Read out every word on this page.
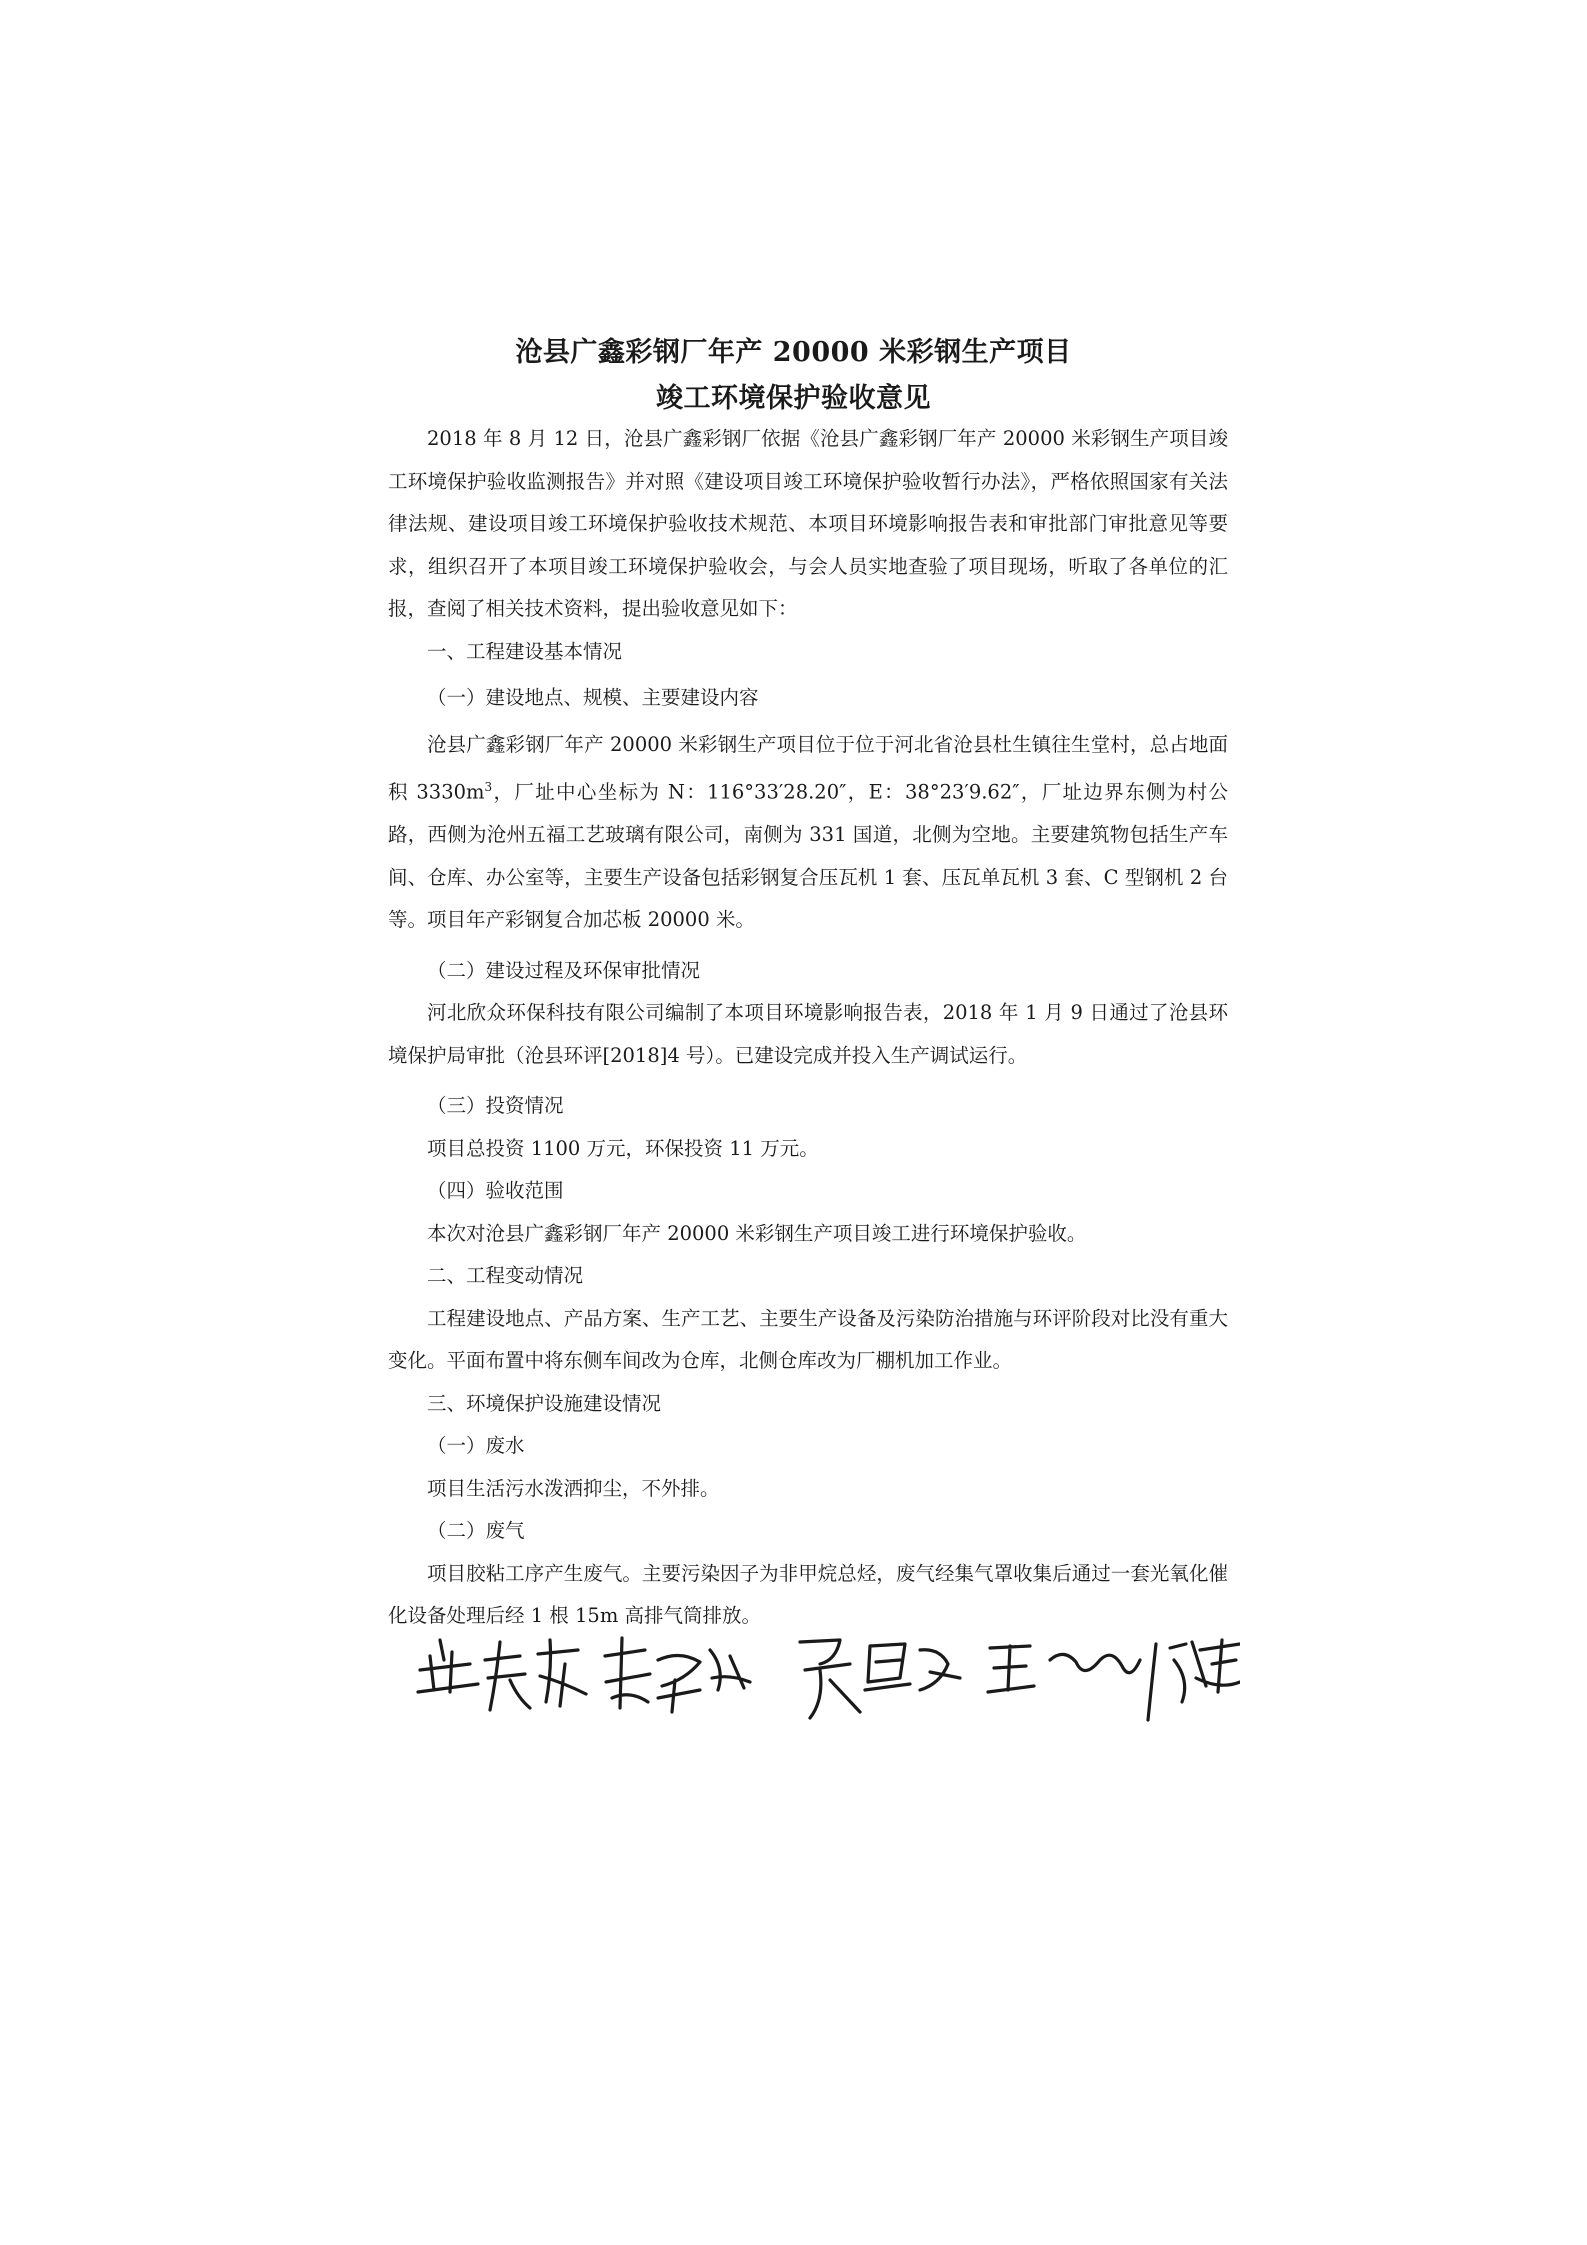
沧县广鑫彩钢厂年产 20000 米彩钢生产项目
竣工环境保护验收意见

2018 年 8 月 12 日，沧县广鑫彩钢厂依据《沧县广鑫彩钢厂年产 20000 米彩钢生产项目竣工环境保护验收监测报告》并对照《建设项目竣工环境保护验收暂行办法》，严格依照国家有关法律法规、建设项目竣工环境保护验收技术规范、本项目环境影响报告表和审批部门审批意见等要求，组织召开了本项目竣工环境保护验收会，与会人员实地查验了项目现场，听取了各单位的汇报，查阅了相关技术资料，提出验收意见如下：

一、工程建设基本情况

（一）建设地点、规模、主要建设内容

沧县广鑫彩钢厂年产 20000 米彩钢生产项目位于位于河北省沧县杜生镇往生堂村，总占地面积 $3330m^3$，厂址中心坐标为 N：116°33′28.20″，E：38°23′9.62″，厂址边界东侧为村公路，西侧为沧州五福工艺玻璃有限公司，南侧为 331 国道，北侧为空地。主要建筑物包括生产车间、仓库、办公室等，主要生产设备包括彩钢复合压瓦机 1 套、压瓦单瓦机 3 套、C 型钢机 2 台等。项目年产彩钢复合加芯板 20000 米。

（二）建设过程及环保审批情况

河北欣众环保科技有限公司编制了本项目环境影响报告表，2018 年 1 月 9 日通过了沧县环境保护局审批（沧县环评[2018]4 号）。已建设完成并投入生产调试运行。

（三）投资情况

项目总投资 1100 万元，环保投资 11 万元。

（四）验收范围

本次对沧县广鑫彩钢厂年产 20000 米彩钢生产项目竣工进行环境保护验收。

二、工程变动情况

工程建设地点、产品方案、生产工艺、主要生产设备及污染防治措施与环评阶段对比没有重大变化。平面布置中将东侧车间改为仓库，北侧仓库改为厂棚机加工作业。

三、环境保护设施建设情况

（一）废水

项目生活污水泼洒抑尘，不外排。

（二）废气

项目胶粘工序产生废气。主要污染因子为非甲烷总烃，废气经集气罩收集后通过一套光氧化催化设备处理后经 1 根 15m 高排气筒排放。
